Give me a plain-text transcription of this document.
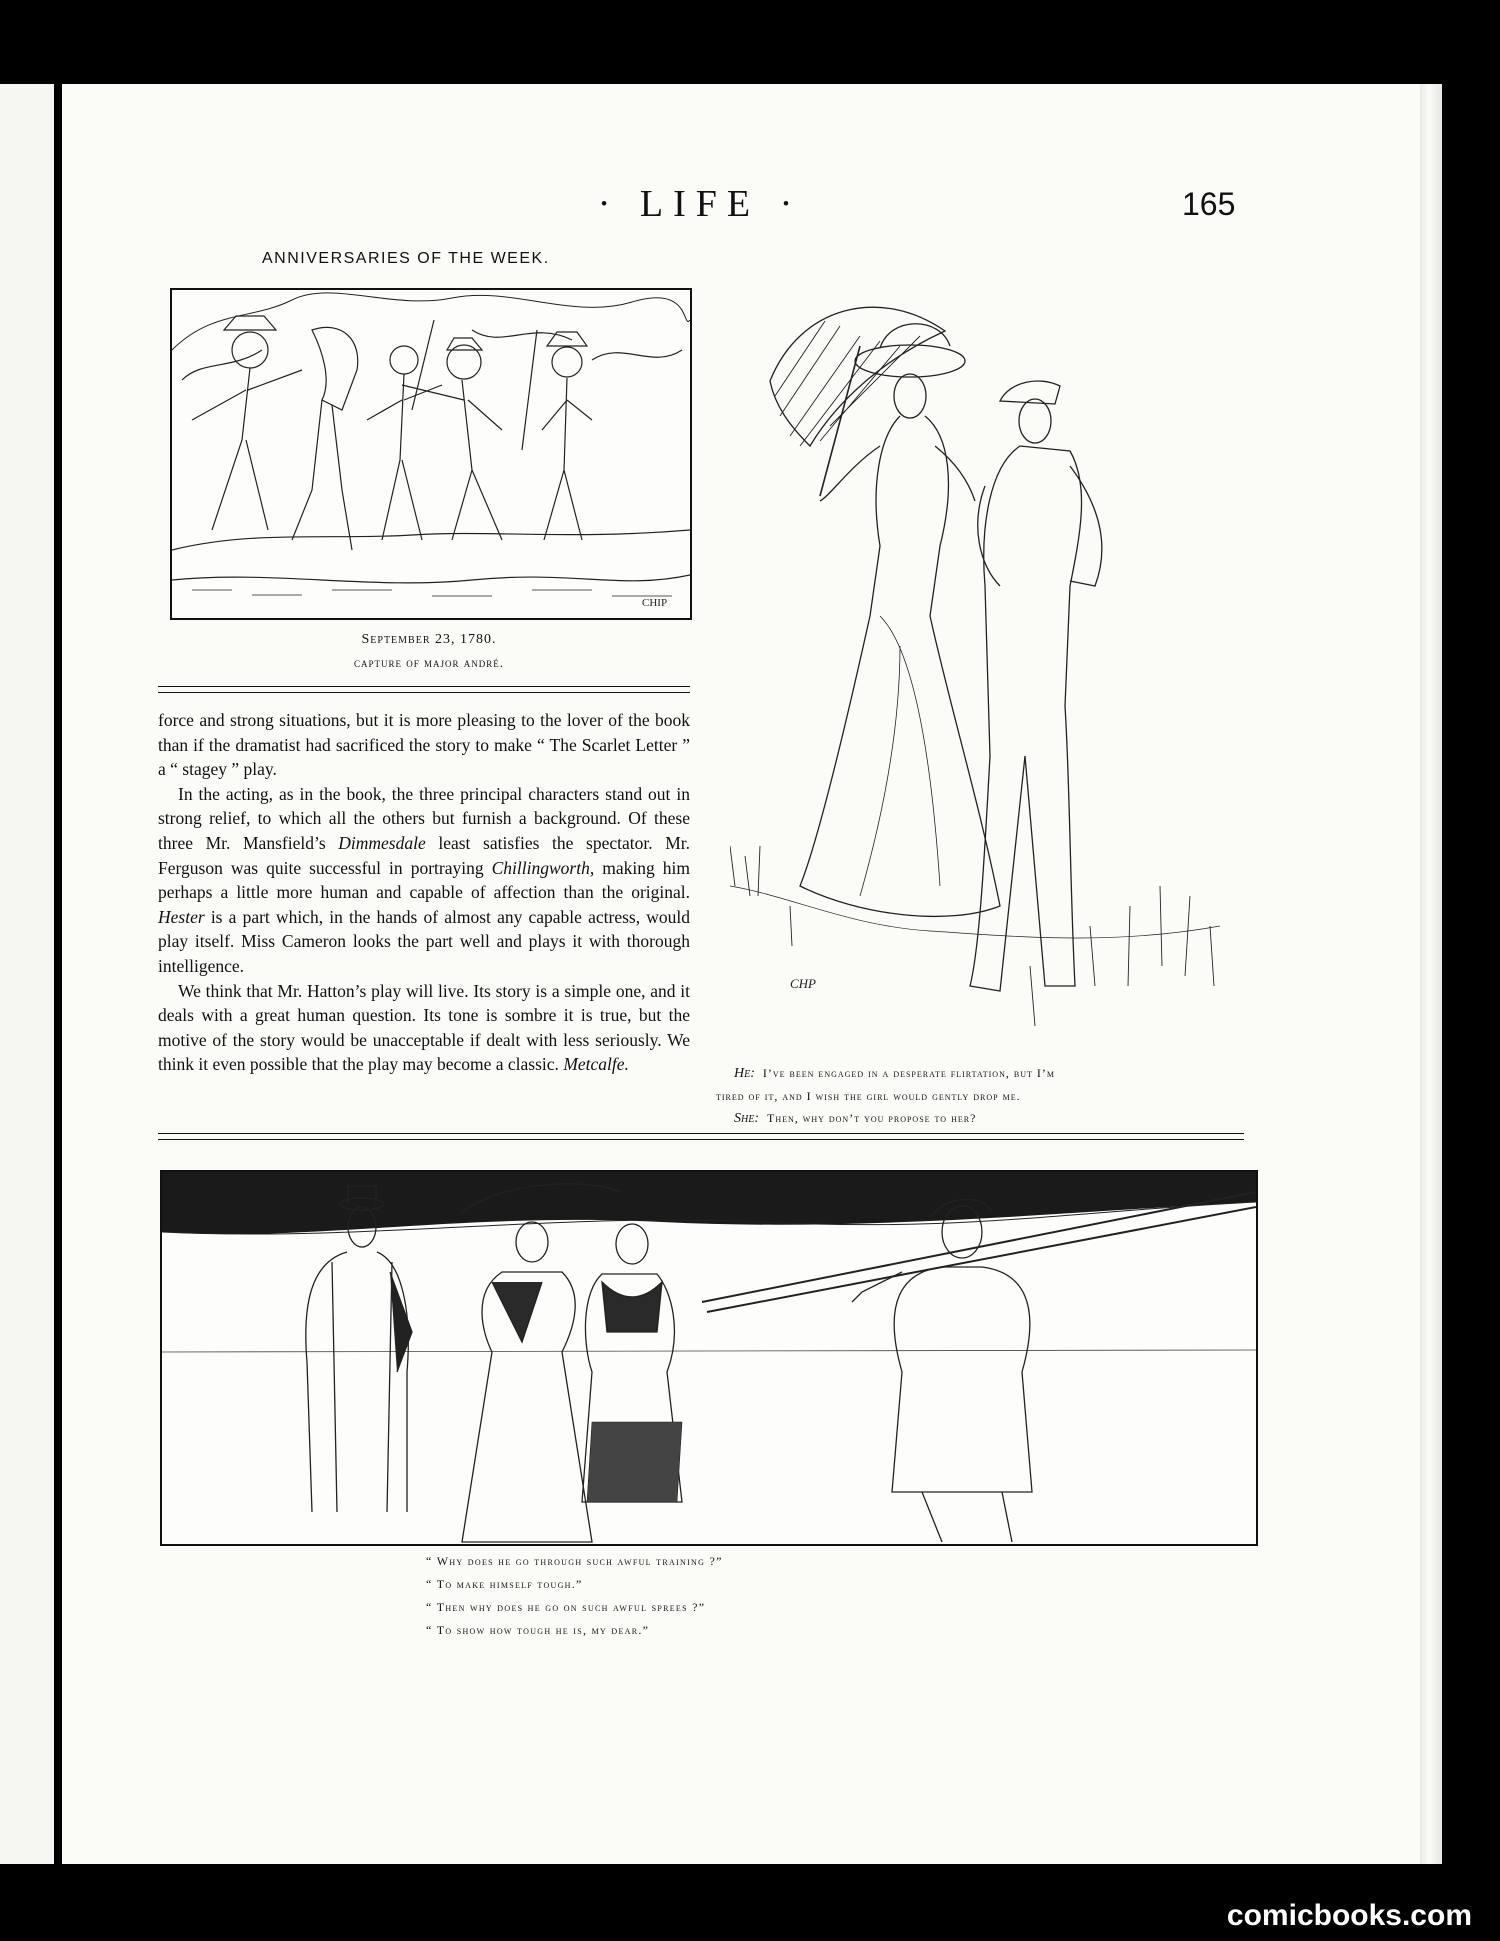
· LIFE ·	165
ANNIVERSARIES OF THE WEEK.
CHIP
September 23, 1780.
capture of major andré.

force and strong situations, but it is more pleasing to the lover of the book than if the dramatist had sacrificed the story to make “ The Scarlet Letter ” a “ stagey ” play.

In the acting, as in the book, the three principal characters stand out in strong relief, to which all the others but furnish a background. Of these three Mr. Mansfield’s Dimmesdale least satisfies the spectator. Mr. Ferguson was quite successful in portraying Chillingworth, making him perhaps a little more human and capable of affection than the original. Hester is a part which, in the hands of almost any capable actress, would play itself. Miss Cameron looks the part well and plays it with thorough intelligence.

We think that Mr. Hatton’s play will live. Its story is a simple one, and it deals with a great human question. Its tone is sombre it is true, but the motive of the story would be unacceptable if dealt with less seriously. We think it even possible that the play may become a classic. Metcalfe.

CHP
He: I’ve been engaged in a desperate flirtation, but I’m
tired of it, and I wish the girl would gently drop me.
She: Then, why don’t you propose to her?
“ Why does he go through such awful training ?”
“ To make himself tough.”
“ Then why does he go on such awful sprees ?”
“ To show how tough he is, my dear.”
comicbooks.com
